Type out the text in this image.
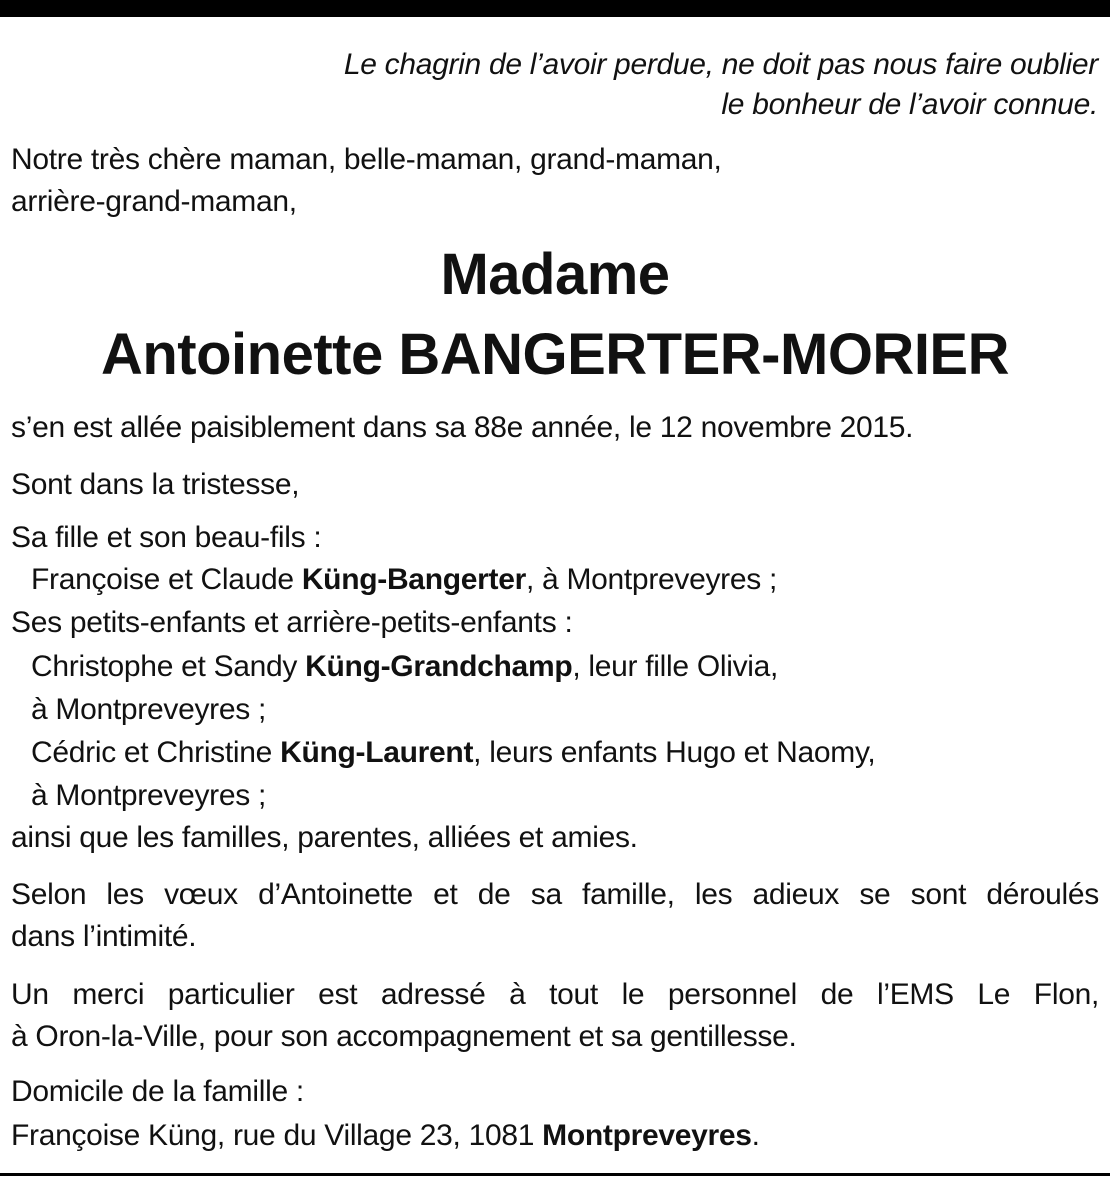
Le chagrin de l’avoir perdue, ne doit pas nous faire oublier
le bonheur de l’avoir connue.
Notre très chère maman, belle-maman, grand-maman,
arrière-grand-maman,
Madame
Antoinette BANGERTER-MORIER
s’en est allée paisiblement dans sa 88e année, le 12 novembre 2015.
Sont dans la tristesse,
Sa fille et son beau-fils :
Françoise et Claude Küng-Bangerter, à Montpreveyres ;
Ses petits-enfants et arrière-petits-enfants :
Christophe et Sandy Küng-Grandchamp, leur fille Olivia,
à Montpreveyres ;
Cédric et Christine Küng-Laurent, leurs enfants Hugo et Naomy,
à Montpreveyres ;
ainsi que les familles, parentes, alliées et amies.
Selon les vœux d’Antoinette et de sa famille, les adieux se sont déroulés
dans l’intimité.
Un merci particulier est adressé à tout le personnel de l’EMS Le Flon,
à Oron-la-Ville, pour son accompagnement et sa gentillesse.
Domicile de la famille :
Françoise Küng, rue du Village 23, 1081 Montpreveyres.
